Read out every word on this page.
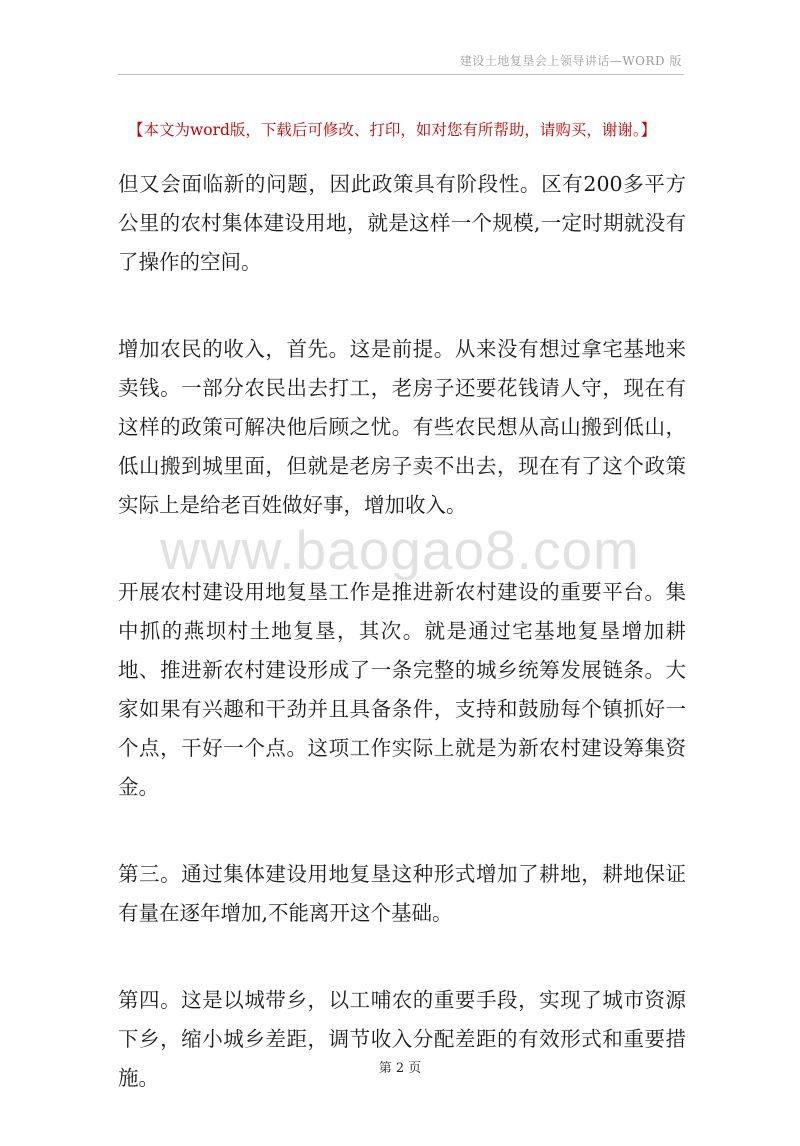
建设土地复垦会上领导讲话—WORD 版
【本文为word版，下载后可修改、打印，如对您有所帮助，请购买，谢谢。】

但又会面临新的问题，因此政策具有阶段性。区有200多平方公里的农村集体建设用地，就是这样一个规模,一定时期就没有了操作的空间。

增加农民的收入，首先。这是前提。从来没有想过拿宅基地来卖钱。一部分农民出去打工，老房子还要花钱请人守，现在有这样的政策可解决他后顾之忧。有些农民想从高山搬到低山，低山搬到城里面，但就是老房子卖不出去，现在有了这个政策实际上是给老百姓做好事，增加收入。

开展农村建设用地复垦工作是推进新农村建设的重要平台。集中抓的燕坝村土地复垦，其次。就是通过宅基地复垦增加耕地、推进新农村建设形成了一条完整的城乡统筹发展链条。大家如果有兴趣和干劲并且具备条件，支持和鼓励每个镇抓好一个点，干好一个点。这项工作实际上就是为新农村建设筹集资金。

第三。通过集体建设用地复垦这种形式增加了耕地，耕地保证有量在逐年增加,不能离开这个基础。

第四。这是以城带乡，以工哺农的重要手段，实现了城市资源下乡，缩小城乡差距，调节收入分配差距的有效形式和重要措施。

www.baogao8.com
第 2 页
